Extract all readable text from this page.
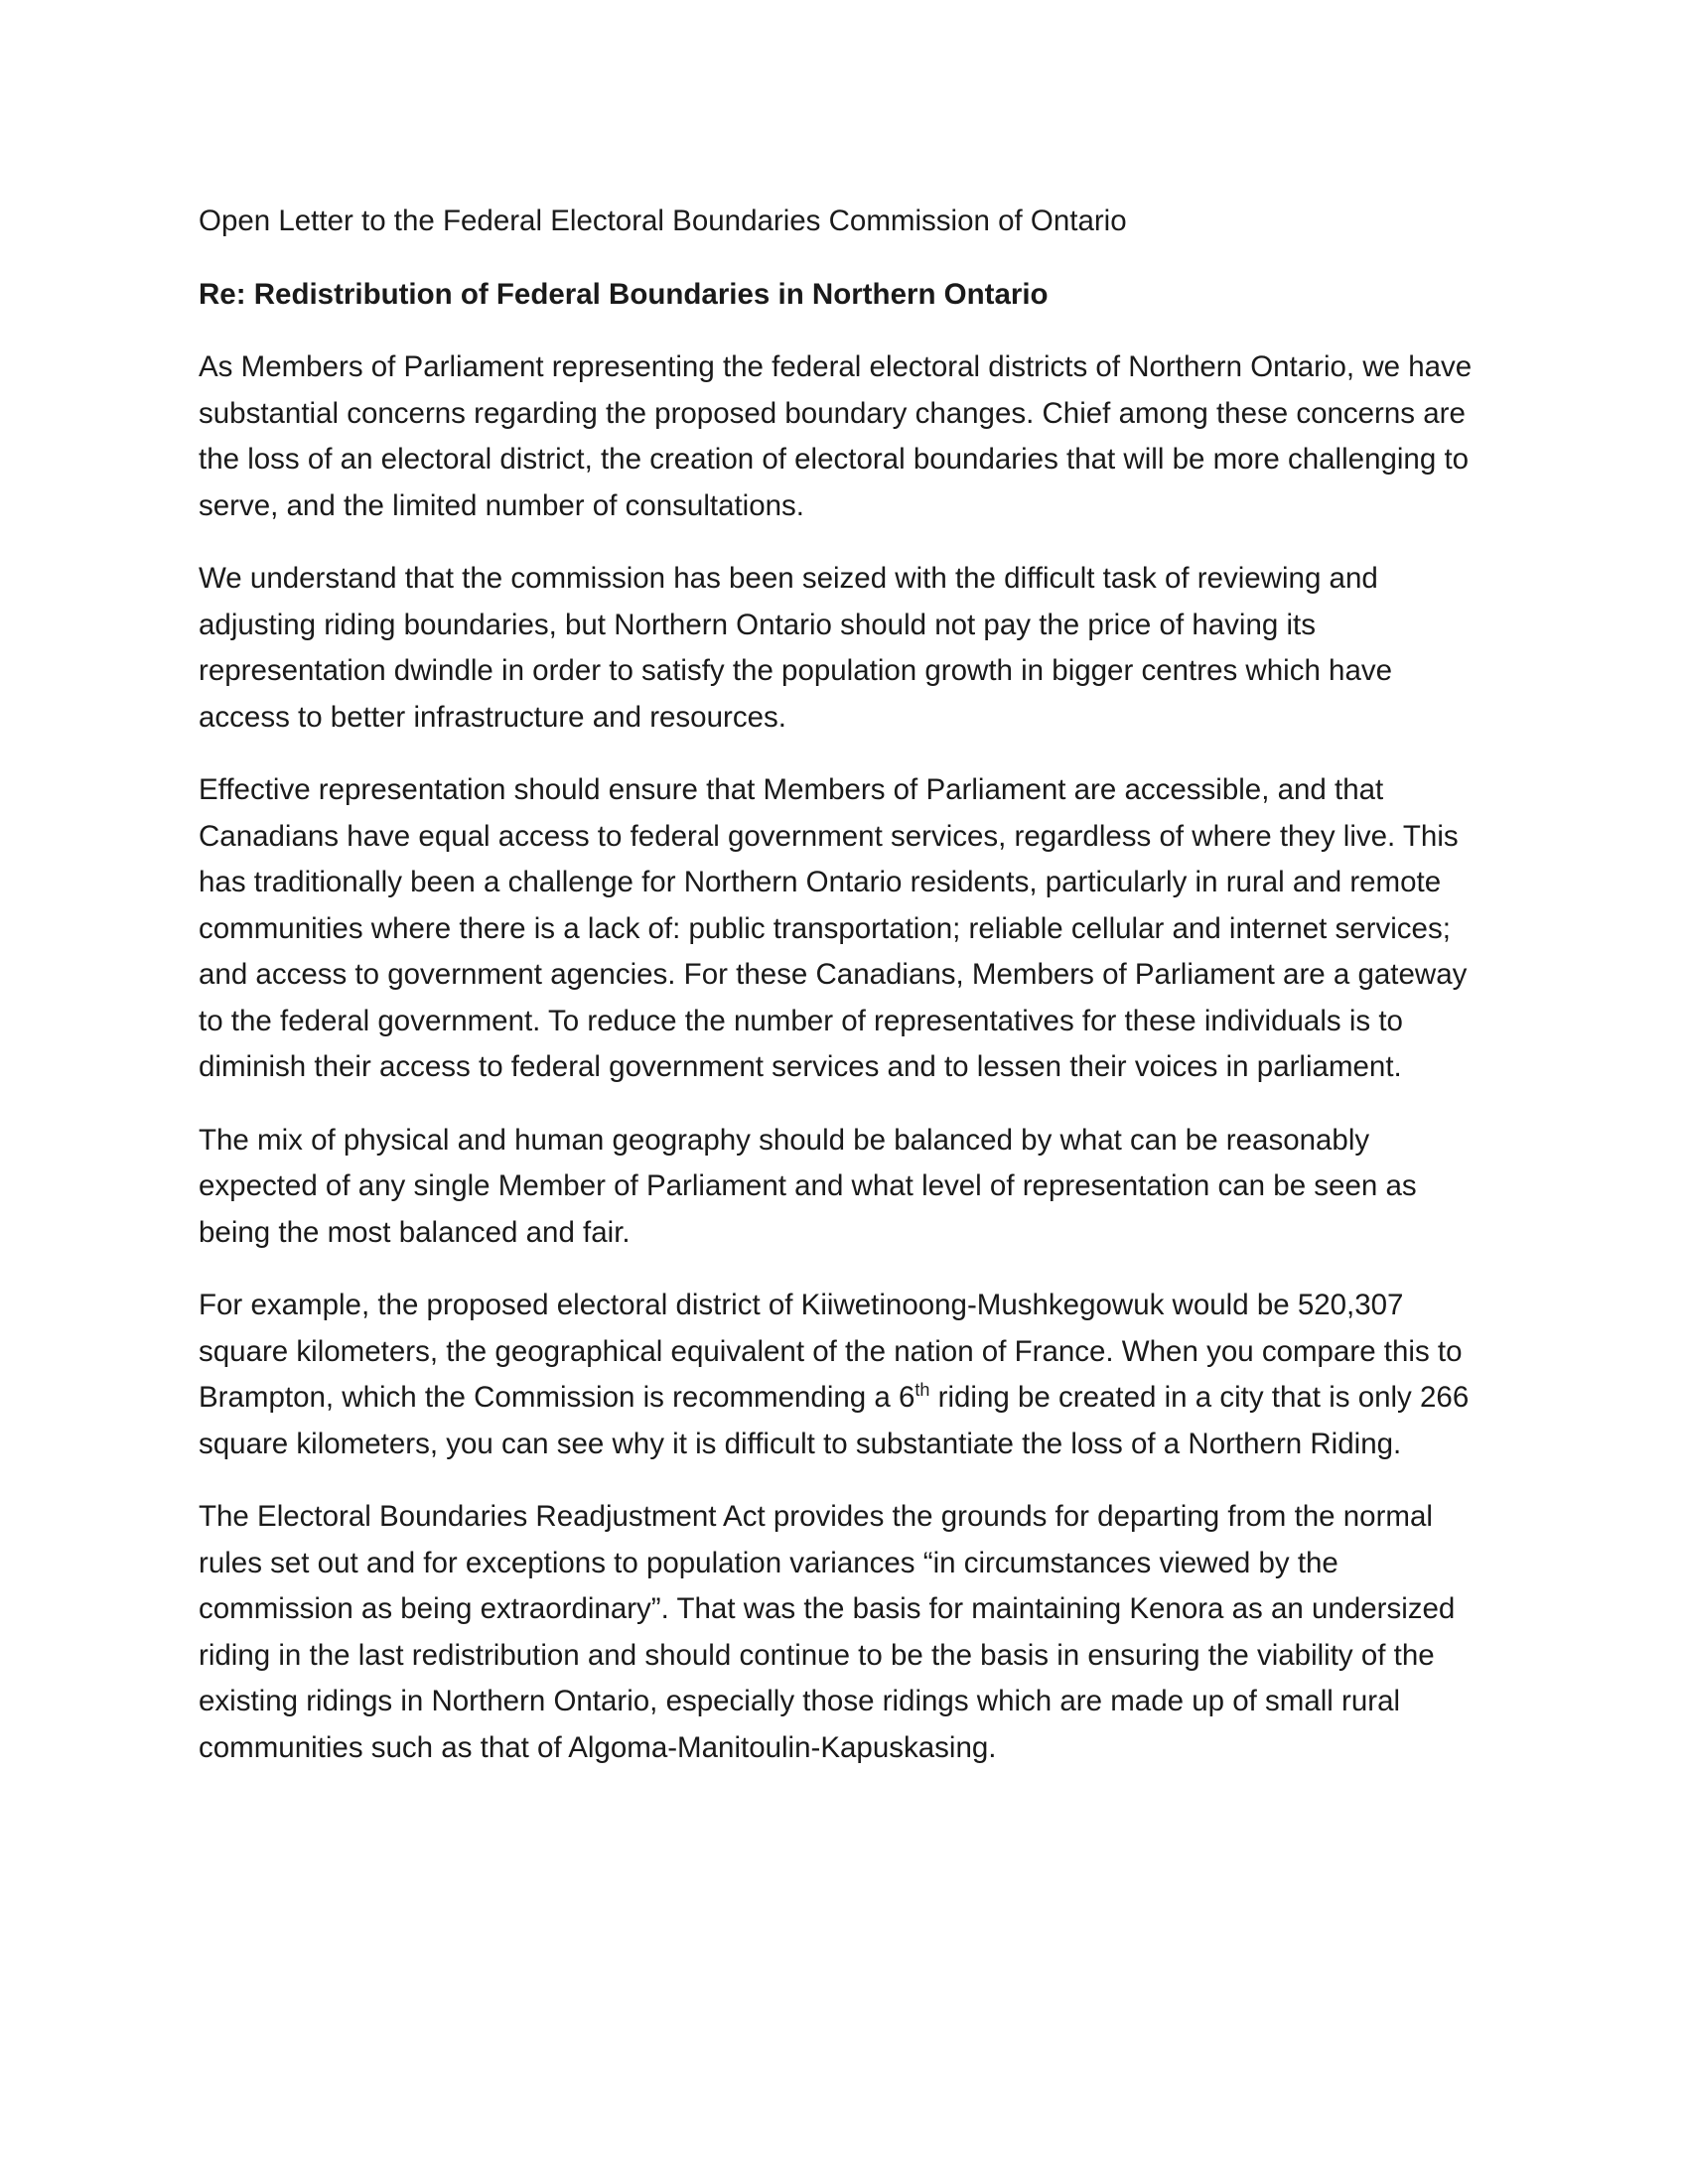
Open Letter to the Federal Electoral Boundaries Commission of Ontario

Re: Redistribution of Federal Boundaries in Northern Ontario

As Members of Parliament representing the federal electoral districts of Northern Ontario, we have substantial concerns regarding the proposed boundary changes. Chief among these concerns are the loss of an electoral district, the creation of electoral boundaries that will be more challenging to serve, and the limited number of consultations.

We understand that the commission has been seized with the difficult task of reviewing and adjusting riding boundaries, but Northern Ontario should not pay the price of having its representation dwindle in order to satisfy the population growth in bigger centres which have access to better infrastructure and resources.

Effective representation should ensure that Members of Parliament are accessible, and that Canadians have equal access to federal government services, regardless of where they live. This has traditionally been a challenge for Northern Ontario residents, particularly in rural and remote communities where there is a lack of: public transportation; reliable cellular and internet services; and access to government agencies. For these Canadians, Members of Parliament are a gateway to the federal government. To reduce the number of representatives for these individuals is to diminish their access to federal government services and to lessen their voices in parliament.

The mix of physical and human geography should be balanced by what can be reasonably expected of any single Member of Parliament and what level of representation can be seen as being the most balanced and fair.

For example, the proposed electoral district of Kiiwetinoong-Mushkegowuk would be 520,307 square kilometers, the geographical equivalent of the nation of France. When you compare this to Brampton, which the Commission is recommending a 6th riding be created in a city that is only 266 square kilometers, you can see why it is difficult to substantiate the loss of a Northern Riding.

The Electoral Boundaries Readjustment Act provides the grounds for departing from the normal rules set out and for exceptions to population variances “in circumstances viewed by the commission as being extraordinary”. That was the basis for maintaining Kenora as an undersized riding in the last redistribution and should continue to be the basis in ensuring the viability of the existing ridings in Northern Ontario, especially those ridings which are made up of small rural communities such as that of Algoma-Manitoulin-Kapuskasing.
